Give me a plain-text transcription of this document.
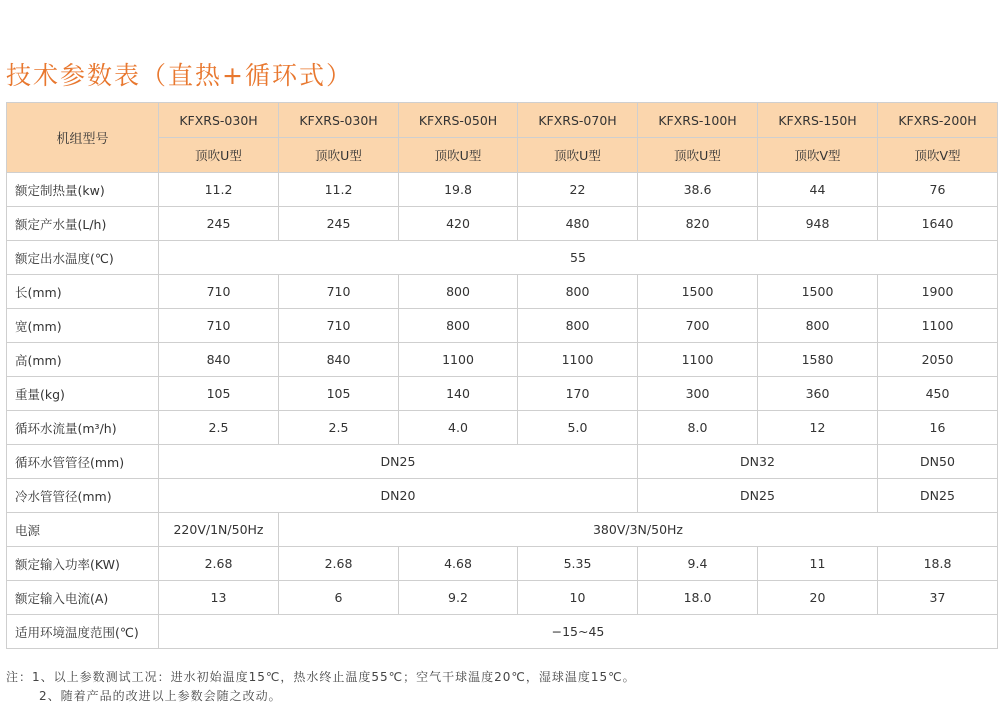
技术参数表（直热+循环式）
机组型号	KFXRS-030H	KFXRS-030H	KFXRS-050H	KFXRS-070H	KFXRS-100H	KFXRS-150H	KFXRS-200H
	顶吹U型	顶吹U型	顶吹U型	顶吹U型	顶吹U型	顶吹V型	顶吹V型
额定制热量(kw)	11.2	11.2	19.8	22	38.6	44	76
额定产水量(L/h)	245	245	420	480	820	948	1640
额定出水温度(℃)	55						
长(mm)	710	710	800	800	1500	1500	1900
宽(mm)	710	710	800	800	700	800	1100
高(mm)	840	840	1100	1100	1100	1580	2050
重量(kg)	105	105	140	170	300	360	450
循环水流量(m³/h)	2.5	2.5	4.0	5.0	8.0	12	16
循环水管管径(mm)	DN25				DN32		DN50
冷水管管径(mm)	DN20				DN25		DN25
电源	220V/1N/50Hz	380V/3N/50Hz					
额定输入功率(KW)	2.68	2.68	4.68	5.35	9.4	11	18.8
额定输入电流(A)	13	6	9.2	10	18.0	20	37
适用环境温度范围(℃)	−15~45						
注：1、以上参数测试工况：进水初始温度15℃，热水终止温度55℃；空气干球温度20℃，湿球温度15℃。
2、随着产品的改进以上参数会随之改动。
